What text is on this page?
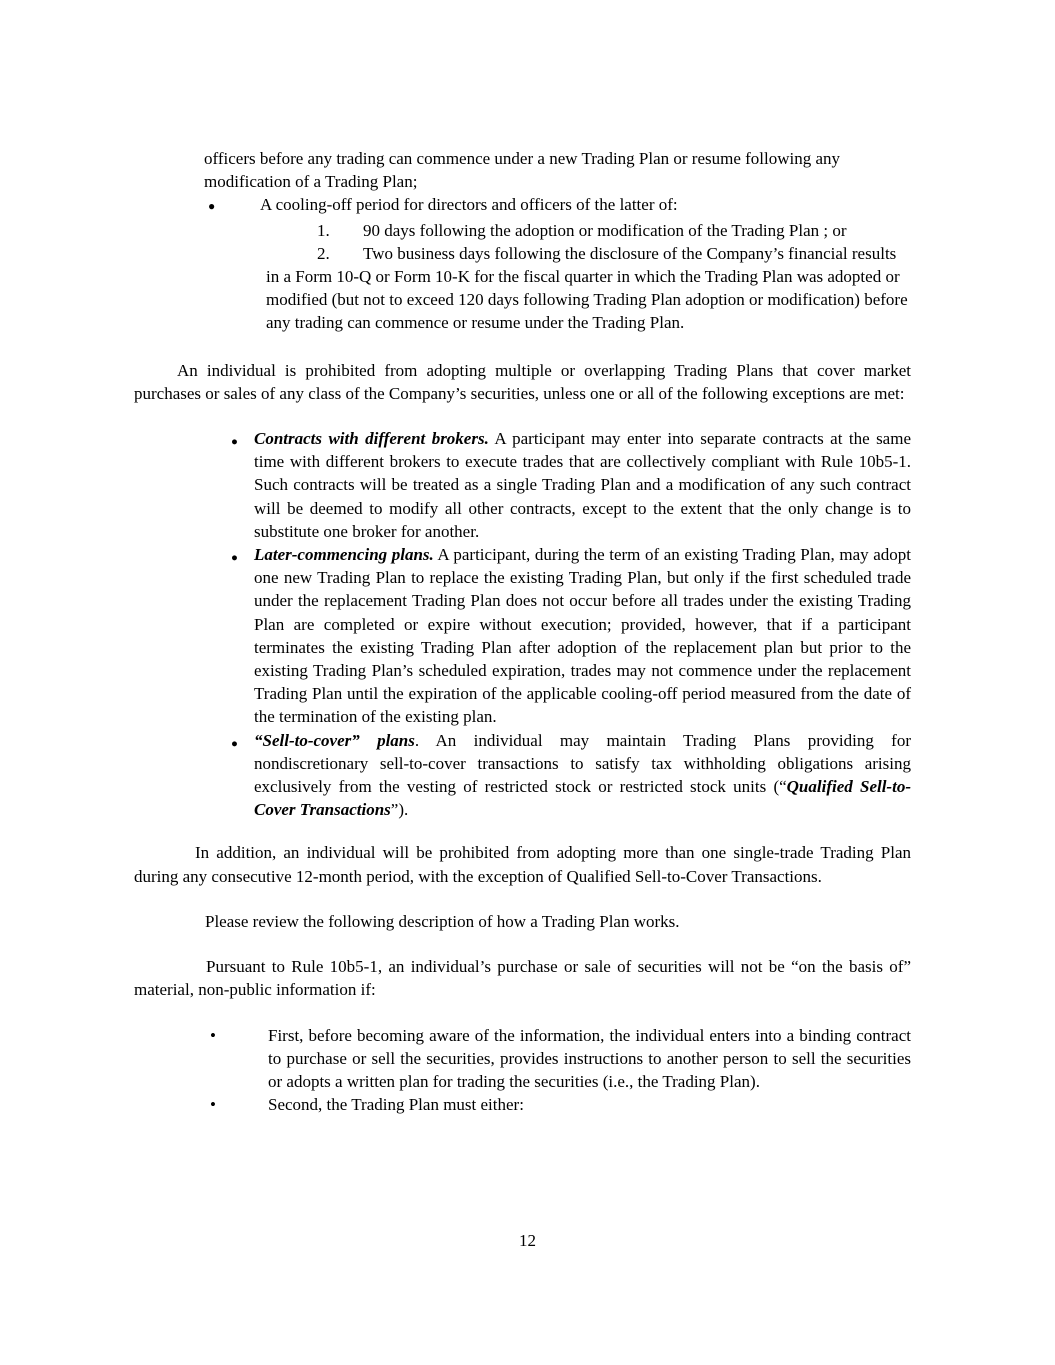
officers before any trading can commence under a new Trading Plan or resume following any modification of a Trading Plan;

●	A cooling-off period for directors and officers of the latter of:
1. 90 days following the adoption or modification of the Trading Plan ; or
2. Two business days following the disclosure of the Company’s financial results in a Form 10-Q or Form 10-K for the fiscal quarter in which the Trading Plan was adopted or modified (but not to exceed 120 days following Trading Plan adoption or modification) before any trading can commence or resume under the Trading Plan.

An individual is prohibited from adopting multiple or overlapping Trading Plans that cover market purchases or sales of any class of the Company’s securities, unless one or all of the following exceptions are met:

● Contracts with different brokers. A participant may enter into separate contracts at the same time with different brokers to execute trades that are collectively compliant with Rule 10b5-1. Such contracts will be treated as a single Trading Plan and a modification of any such contract will be deemed to modify all other contracts, except to the extent that the only change is to substitute one broker for another.
● Later-commencing plans. A participant, during the term of an existing Trading Plan, may adopt one new Trading Plan to replace the existing Trading Plan, but only if the first scheduled trade under the replacement Trading Plan does not occur before all trades under the existing Trading Plan are completed or expire without execution; provided, however, that if a participant terminates the existing Trading Plan after adoption of the replacement plan but prior to the existing Trading Plan’s scheduled expiration, trades may not commence under the replacement Trading Plan until the expiration of the applicable cooling-off period measured from the date of the termination of the existing plan.
● “Sell-to-cover” plans. An individual may maintain Trading Plans providing for nondiscretionary sell-to-cover transactions to satisfy tax withholding obligations arising exclusively from the vesting of restricted stock or restricted stock units (“Qualified Sell-to-Cover Transactions”).

In addition, an individual will be prohibited from adopting more than one single-trade Trading Plan during any consecutive 12-month period, with the exception of Qualified Sell-to-Cover Transactions.

Please review the following description of how a Trading Plan works.

Pursuant to Rule 10b5-1, an individual’s purchase or sale of securities will not be “on the basis of” material, non-public information if:

•	First, before becoming aware of the information, the individual enters into a binding contract to purchase or sell the securities, provides instructions to another person to sell the securities or adopts a written plan for trading the securities (i.e., the Trading Plan).
•	Second, the Trading Plan must either:
12
